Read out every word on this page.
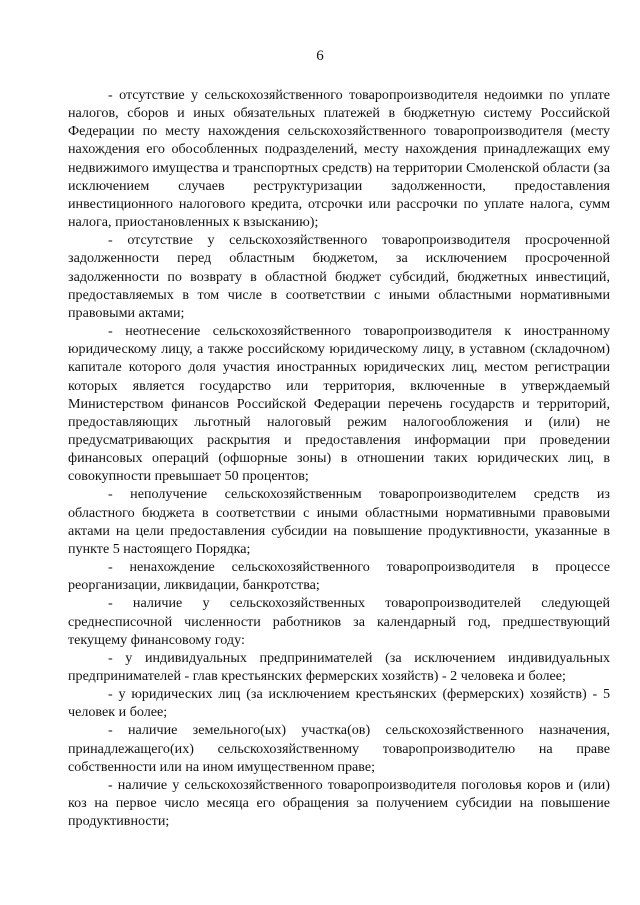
6

- отсутствие у сельскохозяйственного товаропроизводителя недоимки по уплате налогов, сборов и иных обязательных платежей в бюджетную систему Российской Федерации по месту нахождения сельскохозяйственного товаропроизводителя (месту нахождения его обособленных подразделений, месту нахождения принадлежащих ему недвижимого имущества и транспортных средств) на территории Смоленской области (за исключением случаев реструктуризации задолженности, предоставления инвестиционного налогового кредита, отсрочки или рассрочки по уплате налога, сумм налога, приостановленных к взысканию);

- отсутствие у сельскохозяйственного товаропроизводителя просроченной задолженности перед областным бюджетом, за исключением просроченной задолженности по возврату в областной бюджет субсидий, бюджетных инвестиций, предоставляемых в том числе в соответствии с иными областными нормативными правовыми актами;

- неотнесение сельскохозяйственного товаропроизводителя к иностранному юридическому лицу, а также российскому юридическому лицу, в уставном (складочном) капитале которого доля участия иностранных юридических лиц, местом регистрации которых является государство или территория, включенные в утверждаемый Министерством финансов Российской Федерации перечень государств и территорий, предоставляющих льготный налоговый режим налогообложения и (или) не предусматривающих раскрытия и предоставления информации при проведении финансовых операций (офшорные зоны) в отношении таких юридических лиц, в совокупности превышает 50 процентов;

- неполучение сельскохозяйственным товаропроизводителем средств из областного бюджета в соответствии с иными областными нормативными правовыми актами на цели предоставления субсидии на повышение продуктивности, указанные в пункте 5 настоящего Порядка;

- ненахождение сельскохозяйственного товаропроизводителя в процессе реорганизации, ликвидации, банкротства;

- наличие у сельскохозяйственных товаропроизводителей следующей среднесписочной численности работников за календарный год, предшествующий текущему финансовому году:

- у индивидуальных предпринимателей (за исключением индивидуальных предпринимателей - глав крестьянских фермерских хозяйств) - 2 человека и более;

- у юридических лиц (за исключением крестьянских (фермерских) хозяйств) - 5 человек и более;

- наличие земельного(ых) участка(ов) сельскохозяйственного назначения, принадлежащего(их) сельскохозяйственному товаропроизводителю на праве собственности или на ином имущественном праве;

- наличие у сельскохозяйственного товаропроизводителя поголовья коров и (или) коз на первое число месяца его обращения за получением субсидии на повышение продуктивности;
